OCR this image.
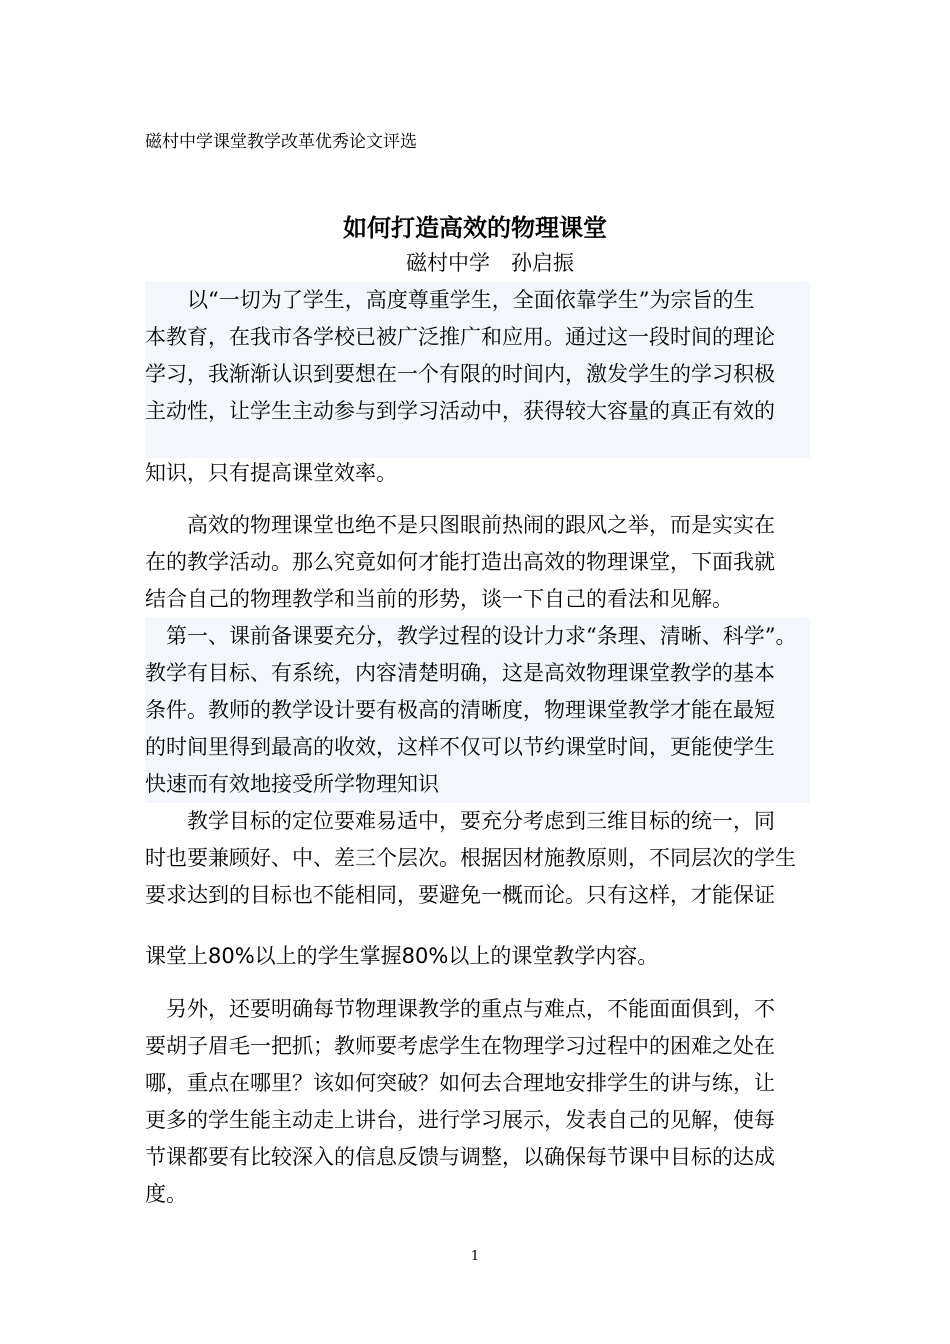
磁村中学课堂教学改革优秀论文评选
如何打造高效的物理课堂
磁村中学　孙启振
　　以“一切为了学生，高度尊重学生，全面依靠学生”为宗旨的生
本教育，在我市各学校已被广泛推广和应用。通过这一段时间的理论
学习，我渐渐认识到要想在一个有限的时间内，激发学生的学习积极
主动性，让学生主动参与到学习活动中，获得较大容量的真正有效的
知识，只有提高课堂效率。
　　高效的物理课堂也绝不是只图眼前热闹的跟风之举，而是实实在
在的教学活动。那么究竟如何才能打造出高效的物理课堂，下面我就
结合自己的物理教学和当前的形势，谈一下自己的看法和见解。
　第一、课前备课要充分，教学过程的设计力求“条理、清晰、科学”。
教学有目标、有系统，内容清楚明确，这是高效物理课堂教学的基本
条件。教师的教学设计要有极高的清晰度，物理课堂教学才能在最短
的时间里得到最高的收效，这样不仅可以节约课堂时间，更能使学生
快速而有效地接受所学物理知识
　　教学目标的定位要难易适中，要充分考虑到三维目标的统一，同
时也要兼顾好、中、差三个层次。根据因材施教原则，不同层次的学生
要求达到的目标也不能相同，要避免一概而论。只有这样，才能保证
课堂上80%以上的学生掌握80%以上的课堂教学内容。
　另外，还要明确每节物理课教学的重点与难点，不能面面俱到，不
要胡子眉毛一把抓；教师要考虑学生在物理学习过程中的困难之处在
哪，重点在哪里？该如何突破？如何去合理地安排学生的讲与练，让
更多的学生能主动走上讲台，进行学习展示，发表自己的见解，使每
节课都要有比较深入的信息反馈与调整，以确保每节课中目标的达成
度。
1
